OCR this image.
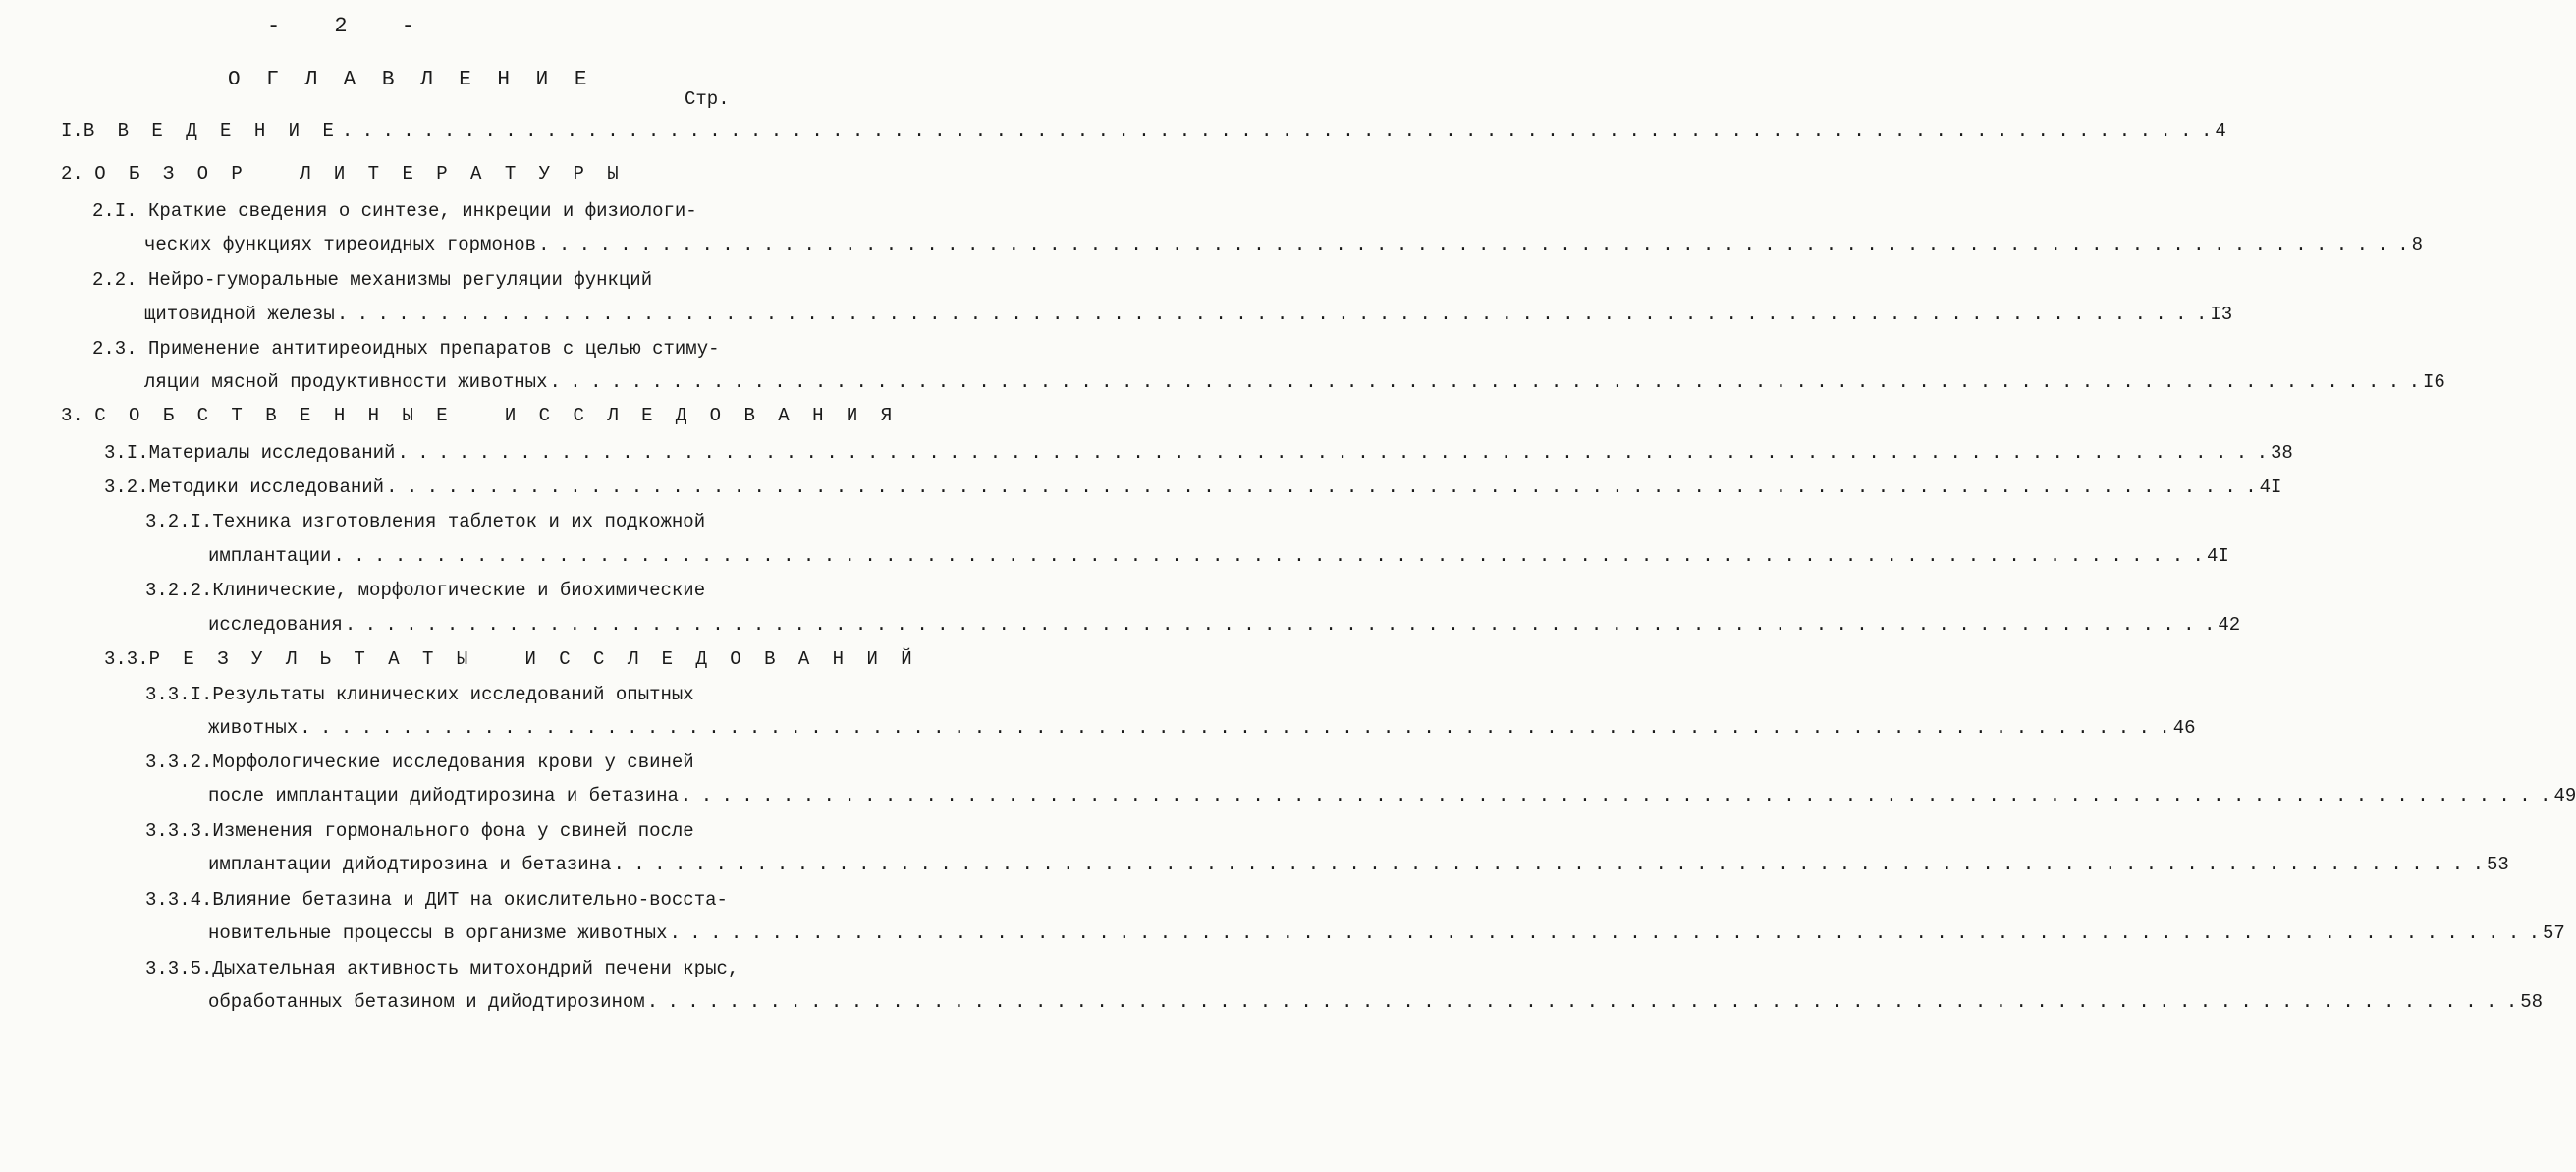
-	2	-
О Г Л А В Л Е Н И Е
Стр.
I. В В Е Д Е Н И Е . . .	4
2. О Б З О Р   Л И Т Е Р А Т У Р Ы
2.I. Краткие сведения о синтезе, инкреции и физиологи-
ческих функциях тиреоидных гормонов . . .	8
2.2. Нейро-гуморальные механизмы регуляции функций
щитовидной железы . . .	I3
2.3. Применение антитиреоидных препаратов с целью стиму-
ляции мясной продуктивности животных . . .	I6
3. С О Б С Т В Е Н Н Ы Е   И С С Л Е Д О В А Н И Я
3.I. Материалы исследований . . .	38
3.2. Методики исследований . . .	4I
3.2.I.Техника изготовления таблеток и их подкожной
имплантации . . .	4I
3.2.2.Клинические, морфологические и биохимические
исследования . . .	42
3.3.Р Е З У Л Ь Т А Т Ы   И С С Л Е Д О В А Н И Й
3.3.I.Результаты клинических исследований опытных
животных . . .	46
3.3.2.Морфологические исследования крови у свиней
после имплантации дийодтирозина и бетазина . . .	49
3.3.3.Изменения гормонального фона у свиней после
имплантации дийодтирозина и бетазина . . .	53
3.3.4.Влияние бетазина и ДИТ на окислительно-восста-
новительные процессы в организме животных . . .	57
3.3.5.Дыхательная активность митохондрий печени крыс,
обработанных бетазином и дийодтирозином . . .	58
